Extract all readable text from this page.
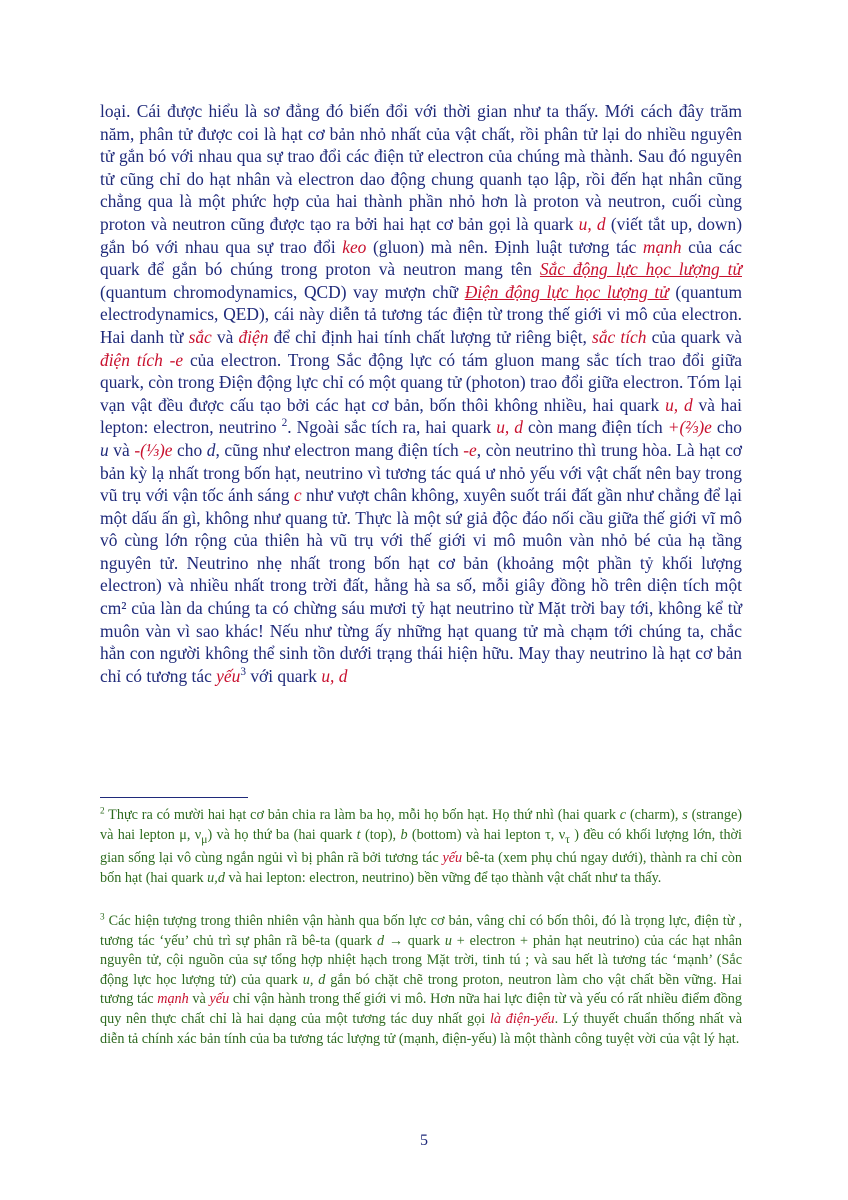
loại. Cái được hiểu là sơ đẳng đó biến đổi với thời gian như ta thấy. Mới cách đây trăm năm, phân tử được coi là hạt cơ bản nhỏ nhất của vật chất, rồi phân tử lại do nhiều nguyên tử gắn bó với nhau qua sự trao đổi các điện tử electron của chúng mà thành. Sau đó nguyên tử cũng chỉ do hạt nhân và electron dao động chung quanh tạo lập, rồi đến hạt nhân cũng chẳng qua là một phức hợp của hai thành phần nhỏ hơn là proton và neutron, cuối cùng proton và neutron cũng được tạo ra bởi hai hạt cơ bản gọi là quark u, d (viết tắt up, down) gắn bó với nhau qua sự trao đổi keo (gluon) mà nên. Định luật tương tác mạnh của các quark để gắn bó chúng trong proton và neutron mang tên Sắc động lực học lượng tử (quantum chromodynamics, QCD) vay mượn chữ Điện động lực học lượng tử (quantum electrodynamics, QED), cái này diễn tả tương tác điện từ trong thế giới vi mô của electron. Hai danh từ sắc và điện để chỉ định hai tính chất lượng tử riêng biệt, sắc tích của quark và điện tích -e của electron. Trong Sắc động lực có tám gluon mang sắc tích trao đổi giữa quark, còn trong Điện động lực chỉ có một quang tử (photon) trao đổi giữa electron. Tóm lại vạn vật đều được cấu tạo bởi các hạt cơ bản, bốn thôi không nhiều, hai quark u, d và hai lepton: electron, neutrino $^2$. Ngoài sắc tích ra, hai quark u, d còn mang điện tích +(⅔)e cho u và -(⅓)e cho d, cũng như electron mang điện tích -e, còn neutrino thì trung hòa. Là hạt cơ bản kỳ lạ nhất trong bốn hạt, neutrino vì tương tác quá ư nhỏ yếu với vật chất nên bay trong vũ trụ với vận tốc ánh sáng c như vượt chân không, xuyên suốt trái đất gần như chẳng để lại một dấu ấn gì, không như quang tử. Thực là một sứ giả độc đáo nối cầu giữa thế giới vĩ mô vô cùng lớn rộng của thiên hà vũ trụ với thế giới vi mô muôn vàn nhỏ bé của hạ tầng nguyên tử. Neutrino nhẹ nhất trong bốn hạt cơ bản (khoảng một phần tỷ khối lượng electron) và nhiều nhất trong trời đất, hằng hà sa số, mỗi giây đồng hồ trên diện tích một cm² của làn da chúng ta có chừng sáu mươi tỷ hạt neutrino từ Mặt trời bay tới, không kể từ muôn vàn vì sao khác! Nếu như từng ấy những hạt quang tử mà chạm tới chúng ta, chắc hẳn con người không thể sinh tồn dưới trạng thái hiện hữu. May thay neutrino là hạt cơ bản chỉ có tương tác yếu$^3$ với quark u, d

$^2$ Thực ra có mười hai hạt cơ bản chia ra làm ba họ, mỗi họ bốn hạt. Họ thứ nhì (hai quark c (charm), s (strange) và hai lepton μ, $\nu_\mu$) và họ thứ ba (hai quark t (top), b (bottom) và hai lepton τ, $\nu_\tau$ ) đều có khối lượng lớn, thời gian sống lại vô cùng ngắn ngủi vì bị phân rã bởi tương tác yếu bê-ta (xem phụ chú ngay dưới), thành ra chỉ còn bốn hạt (hai quark u,d và hai lepton: electron, neutrino) bền vững để tạo thành vật chất như ta thấy.

$^3$ Các hiện tượng trong thiên nhiên vận hành qua bốn lực cơ bản, vâng chỉ có bốn thôi, đó là trọng lực, điện từ , tương tác ‘yếu’ chủ trì sự phân rã bê-ta (quark d → quark u + electron + phản hạt neutrino) của các hạt nhân nguyên tử, cội nguồn của sự tổng hợp nhiệt hạch trong Mặt trời, tinh tú ; và sau hết là tương tác ‘mạnh’ (Sắc động lực học lượng tử) của quark u, d gắn bó chặt chẽ trong proton, neutron làm cho vật chất bền vững. Hai tương tác mạnh và yếu chỉ vận hành trong thế giới vi mô. Hơn nữa hai lực điện từ và yếu có rất nhiều điểm đồng quy nên thực chất chỉ là hai dạng của một tương tác duy nhất gọi là điện-yếu. Lý thuyết chuẩn thống nhất và diễn tả chính xác bản tính của ba tương tác lượng tử (mạnh, điện-yếu) là một thành công tuyệt vời của vật lý hạt.

5
